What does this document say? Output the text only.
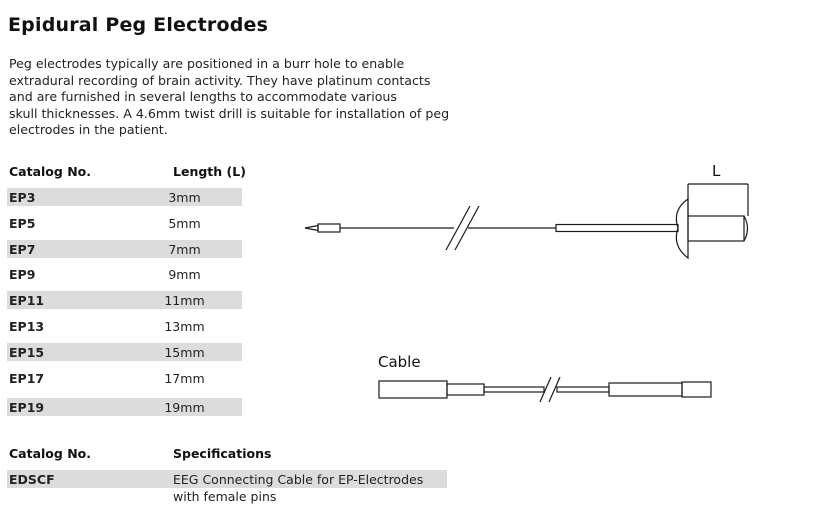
Epidural Peg Electrodes
Peg electrodes typically are positioned in a burr hole to enable
extradural recording of brain activity. They have platinum contacts
and are furnished in several lengths to accommodate various
skull thicknesses. A 4.6mm twist drill is suitable for installation of peg
electrodes in the patient.
Catalog No.	Length (L)
EP3	3mm
EP5	5mm
EP7	7mm
EP9	9mm
EP11	11mm
EP13	13mm
EP15	15mm
EP17	17mm
EP19	19mm
Catalog No.	Specifications
EDSCF	EEG Connecting Cable for EP-Electrodes
with female pins
L
Cable
